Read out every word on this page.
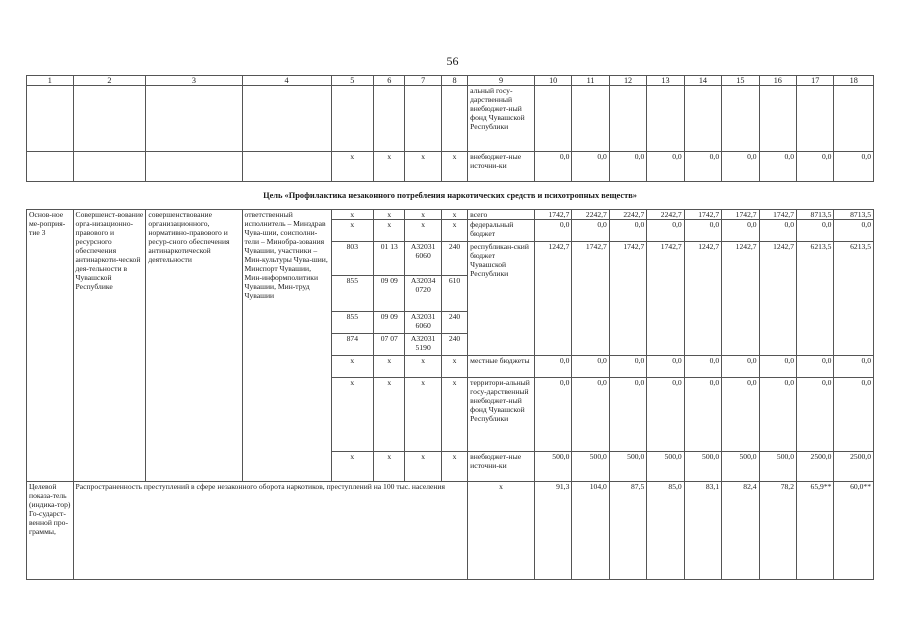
56
1	2	3	4	5	6	7	8	9	10	11	12	13	14	15	16	17	18
								альный госу-дарственный внебюджет-ный фонд Чувашской Республики									
				х	х	х	х	внебюджет-ные источни-ки	0,0	0,0	0,0	0,0	0,0	0,0	0,0	0,0	0,0
Цель «Профилактика незаконного потребления наркотических средств и психотропных веществ»																	
Основ-ное ме-роприя-тие 3	Совершенст-вование орга-низационно-правового и ресурсного обеспечения антинаркоти-ческой дея-тельности в Чувашской Республике	совершенствование организационного, нормативно-правового и ресур-сного обеспечения антинаркотической деятельности	ответственный исполнитель – Минздрав Чува-шии, соисполни-тели – Минобра-зования Чувашии, участники – Мин-культуры Чува-шии, Минспорт Чувашии, Мин-информполитики Чувашии, Мин-труд Чувашии	х	х	х	х	всего	1742,7	2242,7	2242,7	2242,7	1742,7	1742,7	1742,7	8713,5	8713,5
				х	х	х	х	федеральный бюджет	0,0	0,0	0,0	0,0	0,0	0,0	0,0	0,0	0,0
				803	01 13	А32031 6060	240	республикан-ский бюджет Чувашской Республики	1242,7	1742,7	1742,7	1742,7	1242,7	1242,7	1242,7	6213,5	6213,5
				855	09 09	А32034 0720	610										
				855	09 09	А32031 6060	240										
				874	07 07	А32031 5190	240										
				х	х	х	х	местные бюджеты	0,0	0,0	0,0	0,0	0,0	0,0	0,0	0,0	0,0
				х	х	х	х	территори-альный госу-дарственный внебюджет-ный фонд Чувашской Республики	0,0	0,0	0,0	0,0	0,0	0,0	0,0	0,0	0,0
				х	х	х	х	внебюджет-ные источни-ки	500,0	500,0	500,0	500,0	500,0	500,0	500,0	2500,0	2500,0
Целевой показа-тель (индика-тор) Го-сударст-венной про-граммы,	Распространенность преступлений в сфере незаконного оборота наркотиков, преступлений на 100 тыс. населения							х	91,3	104,0	87,5	85,0	83,1	82,4	78,2	65,9**	60,0**
